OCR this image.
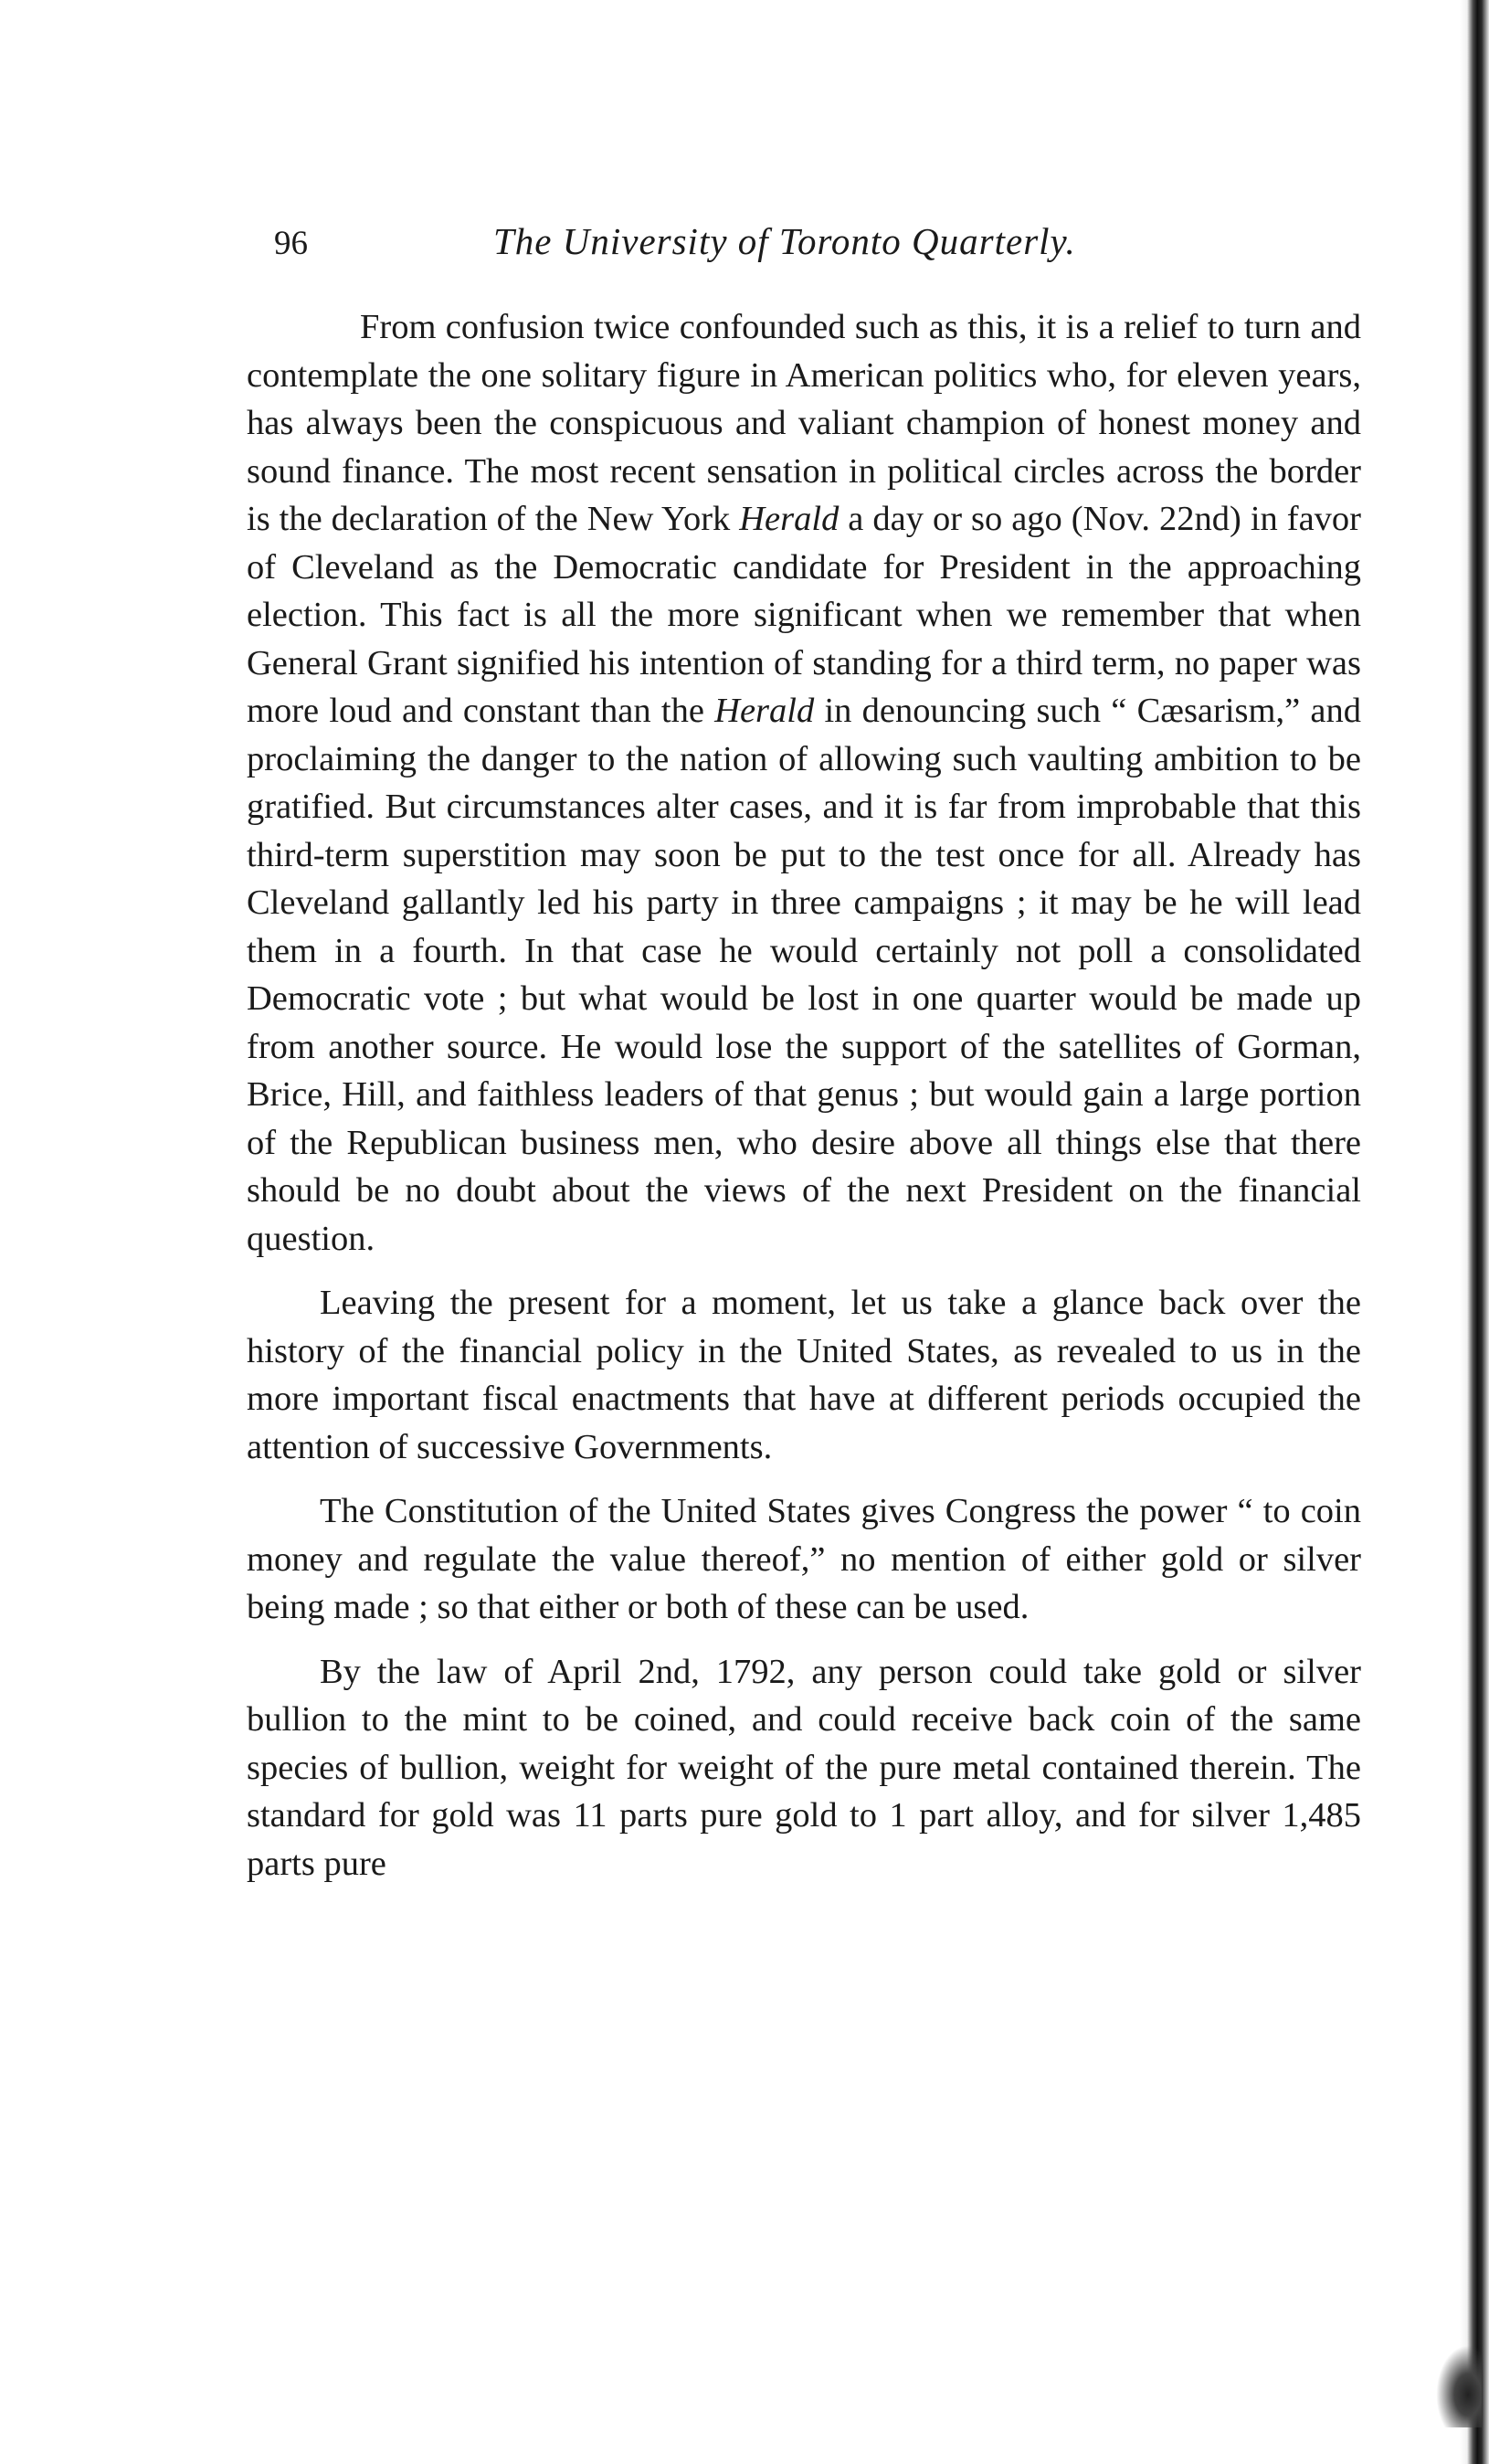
96	The University of Toronto Quarterly.

From confusion twice confounded such as this, it is a relief to turn and contemplate the one solitary figure in American politics who, for eleven years, has always been the conspicuous and valiant champion of honest money and sound finance. The most recent sensation in political circles across the border is the declaration of the New York Herald a day or so ago (Nov. 22nd) in favor of Cleveland as the Democratic candidate for President in the approaching election. This fact is all the more significant when we remember that when General Grant signified his intention of standing for a third term, no paper was more loud and constant than the Herald in denouncing such “ Cæsarism,” and proclaiming the danger to the nation of allowing such vaulting ambition to be gratified. But circumstances alter cases, and it is far from improbable that this third-term superstition may soon be put to the test once for all. Already has Cleveland gallantly led his party in three campaigns ; it may be he will lead them in a fourth. In that case he would certainly not poll a consolidated Democratic vote ; but what would be lost in one quarter would be made up from another source. He would lose the support of the satellites of Gorman, Brice, Hill, and faithless leaders of that genus ; but would gain a large portion of the Republican business men, who desire above all things else that there should be no doubt about the views of the next President on the financial question.

Leaving the present for a moment, let us take a glance back over the history of the financial policy in the United States, as revealed to us in the more important fiscal enactments that have at different periods occupied the attention of successive Governments.

The Constitution of the United States gives Congress the power “ to coin money and regulate the value thereof,” no mention of either gold or silver being made ; so that either or both of these can be used.

By the law of April 2nd, 1792, any person could take gold or silver bullion to the mint to be coined, and could receive back coin of the same species of bullion, weight for weight of the pure metal contained therein. The standard for gold was 11 parts pure gold to 1 part alloy, and for silver 1,485 parts pure
